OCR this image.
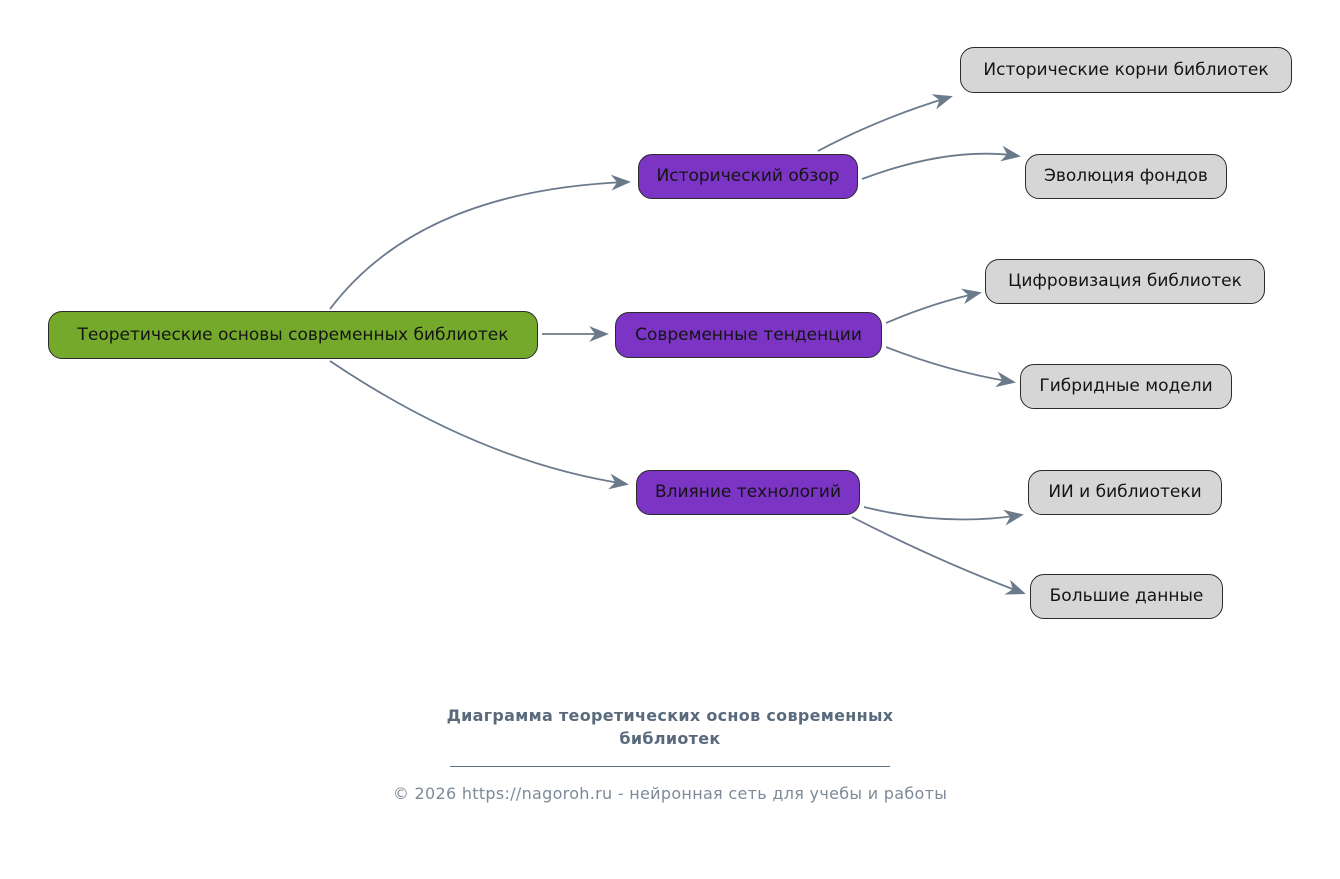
Теоретические основы современных библиотек
Исторический обзор
Современные тенденции
Влияние технологий
Исторические корни библиотек
Эволюция фондов
Цифровизация библиотек
Гибридные модели
ИИ и библиотеки
Большие данные
Диаграмма теоретических основ современных библиотек
© 2026 https://nagoroh.ru - нейронная сеть для учебы и работы
